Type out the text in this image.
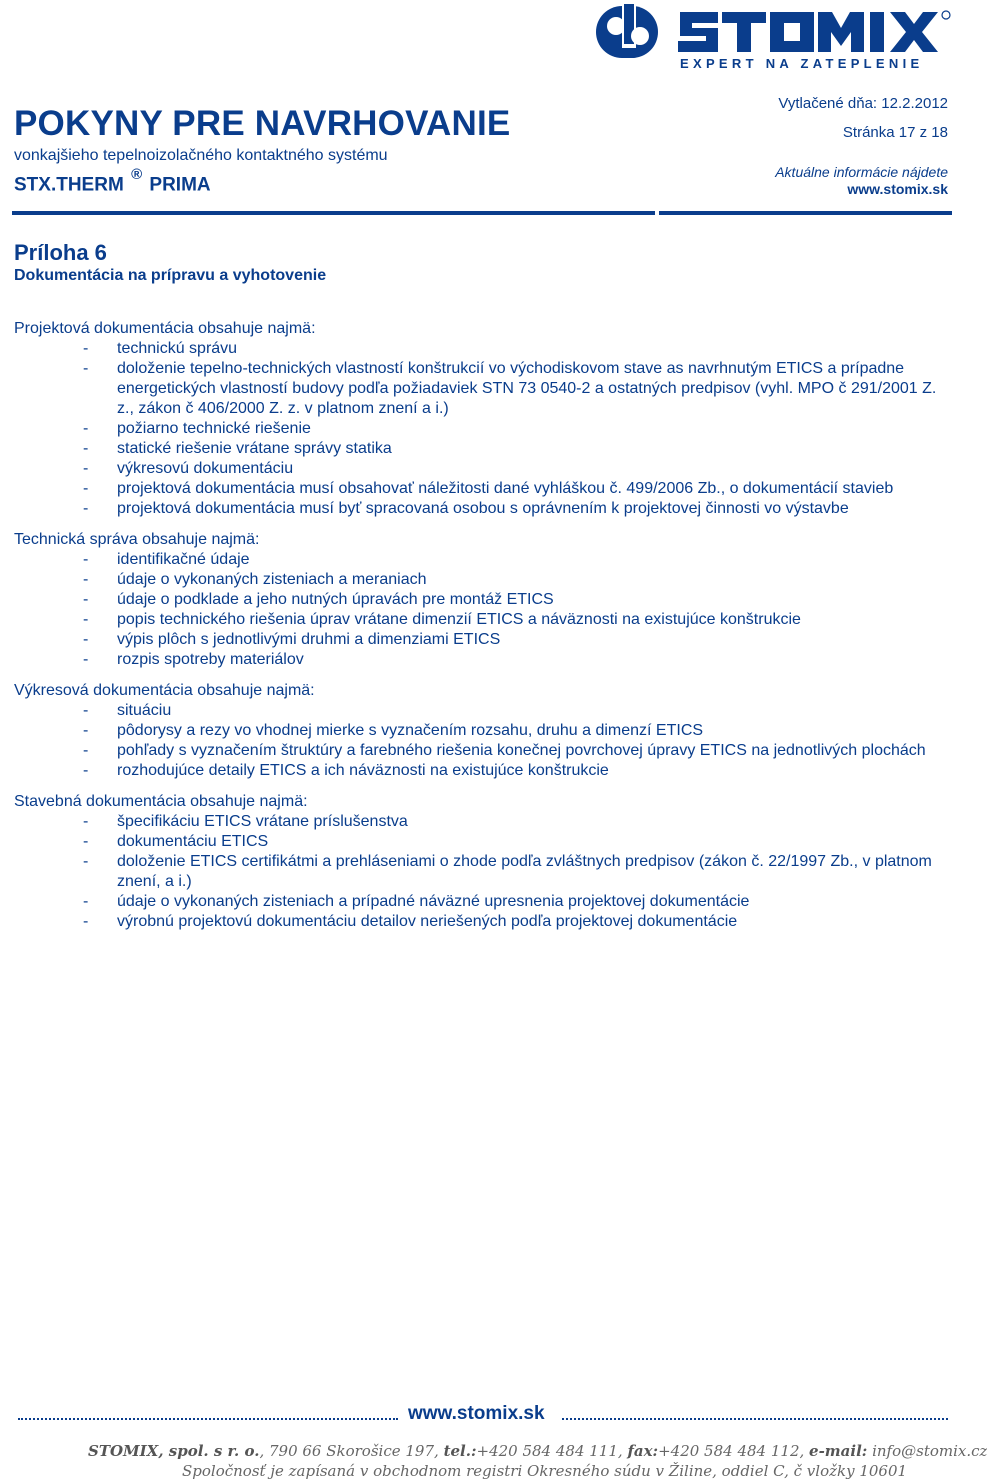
EXPERT NA ZATEPLENIE
POKYNY PRE NAVRHOVANIE
vonkajšieho tepelnoizolačného kontaktného systému
STX.THERM ® PRIMA
Vytlačené dňa: 12.2.2012
Stránka 17 z 18
Aktuálne informácie nájdete
www.stomix.sk
Príloha 6
Dokumentácia na prípravu a vyhotovenie
Projektová dokumentácia obsahuje najmä:
- technickú správu
- doloženie tepelno-technických vlastností konštrukcií vo východiskovom stave as navrhnutým ETICS a prípadne energetických vlastností budovy podľa požiadaviek STN 73 0540-2 a ostatných predpisov (vyhl. MPO č 291/2001 Z. z., zákon č 406/2000 Z. z. v platnom znení a i.)
- požiarno technické riešenie
- statické riešenie vrátane správy statika
- výkresovú dokumentáciu
- projektová dokumentácia musí obsahovať náležitosti dané vyhláškou č. 499/2006 Zb., o dokumentácií stavieb
- projektová dokumentácia musí byť spracovaná osobou s oprávnením k projektovej činnosti vo výstavbe
Technická správa obsahuje najmä:
- identifikačné údaje
- údaje o vykonaných zisteniach a meraniach
- údaje o podklade a jeho nutných úpravách pre montáž ETICS
- popis technického riešenia úprav vrátane dimenzií ETICS a náväznosti na existujúce konštrukcie
- výpis plôch s jednotlivými druhmi a dimenziami ETICS
- rozpis spotreby materiálov
Výkresová dokumentácia obsahuje najmä:
- situáciu
- pôdorysy a rezy vo vhodnej mierke s vyznačením rozsahu, druhu a dimenzí ETICS
- pohľady s vyznačením štruktúry a farebného riešenia konečnej povrchovej úpravy ETICS na jednotlivých plochách
- rozhodujúce detaily ETICS a ich náväznosti na existujúce konštrukcie
Stavebná dokumentácia obsahuje najmä:
- špecifikáciu ETICS vrátane príslušenstva
- dokumentáciu ETICS
- doloženie ETICS certifikátmi a prehláseniami o zhode podľa zvláštnych predpisov (zákon č. 22/1997 Zb., v platnom znení, a i.)
- údaje o vykonaných zisteniach a prípadné náväzné upresnenia projektovej dokumentácie
- výrobnú projektovú dokumentáciu detailov neriešených podľa projektovej dokumentácie
www.stomix.sk
STOMIX, spol. s r. o., 790 66 Skorošice 197, tel.:+420 584 484 111, fax:+420 584 484 112, e-mail: info@stomix.cz
Spoločnosť je zapísaná v obchodnom registri Okresného súdu v Žiline, oddiel C, č vložky 10601
